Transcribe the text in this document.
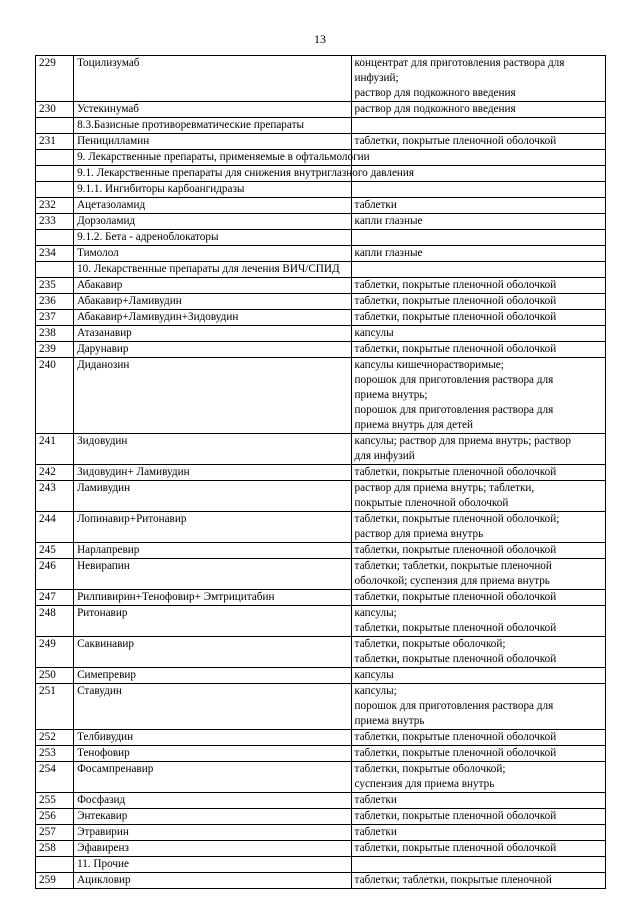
13
229	Тоцилизумаб	концентрат для приготовления раствора для
инфузий;
раствор для подкожного введения

230	Устекинумаб	раствор для подкожного введения

	8.3.Базисные противоревматические препараты	
231	Пеницилламин	таблетки, покрытые пленочной оболочкой

	9. Лекарственные препараты, применяемые в офтальмологии	
	9.1. Лекарственные препараты для снижения внутриглазного давления	
	9.1.1. Ингибиторы карбоангидразы	
232	Ацетазоламид	таблетки

233	Дорзоламид	капли глазные

	9.1.2. Бета - адреноблокаторы	
234	Тимолол	капли глазные

	10. Лекарственные препараты для лечения ВИЧ/СПИД	
235	Абакавир	таблетки, покрытые пленочной оболочкой

236	Абакавир+Ламивудин	таблетки, покрытые пленочной оболочкой

237	Абакавир+Ламивудин+Зидовудин	таблетки, покрытые пленочной оболочкой

238	Атазанавир	капсулы

239	Дарунавир	таблетки, покрытые пленочной оболочкой

240	Диданозин	капсулы кишечнорастворимые;
порошок для приготовления раствора для
приема внутрь;
порошок для приготовления раствора для
приема внутрь для детей

241	Зидовудин	капсулы; раствор для приема внутрь; раствор
для инфузий

242	Зидовудин+ Ламивудин	таблетки, покрытые пленочной оболочкой

243	Ламивудин	раствор для приема внутрь; таблетки,
покрытые пленочной оболочкой

244	Лопинавир+Ритонавир	таблетки, покрытые пленочной оболочкой;
раствор для приема внутрь

245	Нарлапревир	таблетки, покрытые пленочной оболочкой

246	Невирапин	таблетки; таблетки, покрытые пленочной
оболочкой; суспензия для приема внутрь

247	Рилпивирин+Тенофовир+ Эмтрицитабин	таблетки, покрытые пленочной оболочкой

248	Ритонавир	капсулы;
таблетки, покрытые пленочной оболочкой

249	Саквинавир	таблетки, покрытые оболочкой;
таблетки, покрытые пленочной оболочкой

250	Симепревир	капсулы

251	Ставудин	капсулы;
порошок для приготовления раствора для
приема внутрь

252	Телбивудин	таблетки, покрытые пленочной оболочкой

253	Тенофовир	таблетки, покрытые пленочной оболочкой

254	Фосампренавир	таблетки, покрытые оболочкой;
суспензия для приема внутрь

255	Фосфазид	таблетки

256	Энтекавир	таблетки, покрытые пленочной оболочкой

257	Этравирин	таблетки

258	Эфавиренз	таблетки, покрытые пленочной оболочкой

	11. Прочие	
259	Ацикловир	таблетки; таблетки, покрытые пленочной
